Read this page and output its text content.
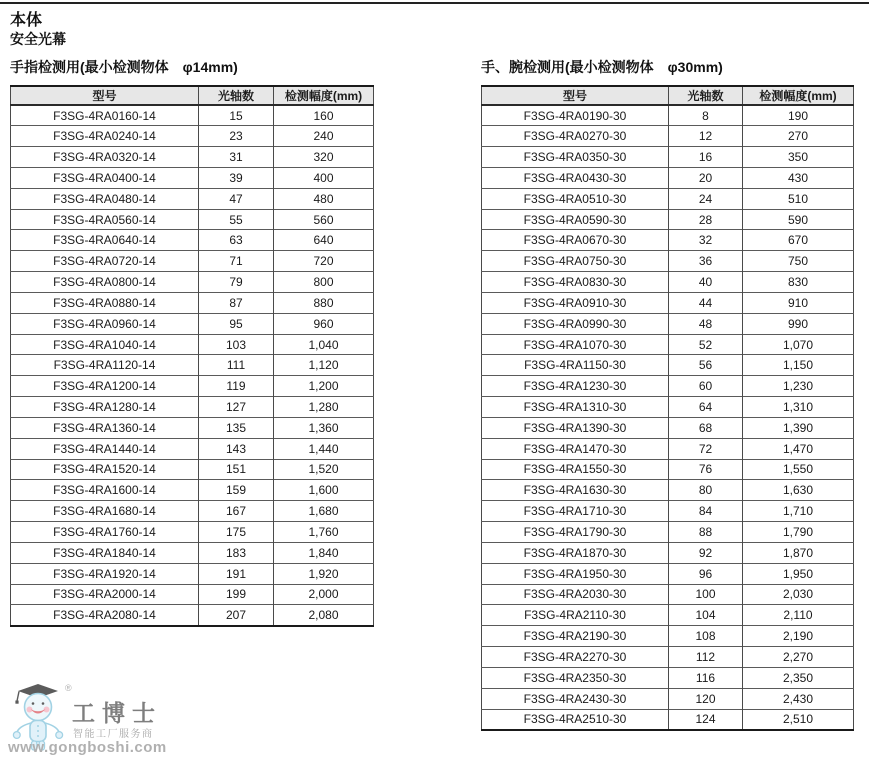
本体
安全光幕
手指检测用(最小检测物体　φ14mm)
型号	光轴数	检测幅度(mm)
F3SG-4RA0160-14	15	160
F3SG-4RA0240-14	23	240
F3SG-4RA0320-14	31	320
F3SG-4RA0400-14	39	400
F3SG-4RA0480-14	47	480
F3SG-4RA0560-14	55	560
F3SG-4RA0640-14	63	640
F3SG-4RA0720-14	71	720
F3SG-4RA0800-14	79	800
F3SG-4RA0880-14	87	880
F3SG-4RA0960-14	95	960
F3SG-4RA1040-14	103	1,040
F3SG-4RA1120-14	111	1,120
F3SG-4RA1200-14	119	1,200
F3SG-4RA1280-14	127	1,280
F3SG-4RA1360-14	135	1,360
F3SG-4RA1440-14	143	1,440
F3SG-4RA1520-14	151	1,520
F3SG-4RA1600-14	159	1,600
F3SG-4RA1680-14	167	1,680
F3SG-4RA1760-14	175	1,760
F3SG-4RA1840-14	183	1,840
F3SG-4RA1920-14	191	1,920
F3SG-4RA2000-14	199	2,000
F3SG-4RA2080-14	207	2,080
手、腕检测用(最小检测物体　φ30mm)
型号	光轴数	检测幅度(mm)
F3SG-4RA0190-30	8	190
F3SG-4RA0270-30	12	270
F3SG-4RA0350-30	16	350
F3SG-4RA0430-30	20	430
F3SG-4RA0510-30	24	510
F3SG-4RA0590-30	28	590
F3SG-4RA0670-30	32	670
F3SG-4RA0750-30	36	750
F3SG-4RA0830-30	40	830
F3SG-4RA0910-30	44	910
F3SG-4RA0990-30	48	990
F3SG-4RA1070-30	52	1,070
F3SG-4RA1150-30	56	1,150
F3SG-4RA1230-30	60	1,230
F3SG-4RA1310-30	64	1,310
F3SG-4RA1390-30	68	1,390
F3SG-4RA1470-30	72	1,470
F3SG-4RA1550-30	76	1,550
F3SG-4RA1630-30	80	1,630
F3SG-4RA1710-30	84	1,710
F3SG-4RA1790-30	88	1,790
F3SG-4RA1870-30	92	1,870
F3SG-4RA1950-30	96	1,950
F3SG-4RA2030-30	100	2,030
F3SG-4RA2110-30	104	2,110
F3SG-4RA2190-30	108	2,190
F3SG-4RA2270-30	112	2,270
F3SG-4RA2350-30	116	2,350
F3SG-4RA2430-30	120	2,430
F3SG-4RA2510-30	124	2,510
®
工博士
智能工厂服务商
www.gongboshi.com
